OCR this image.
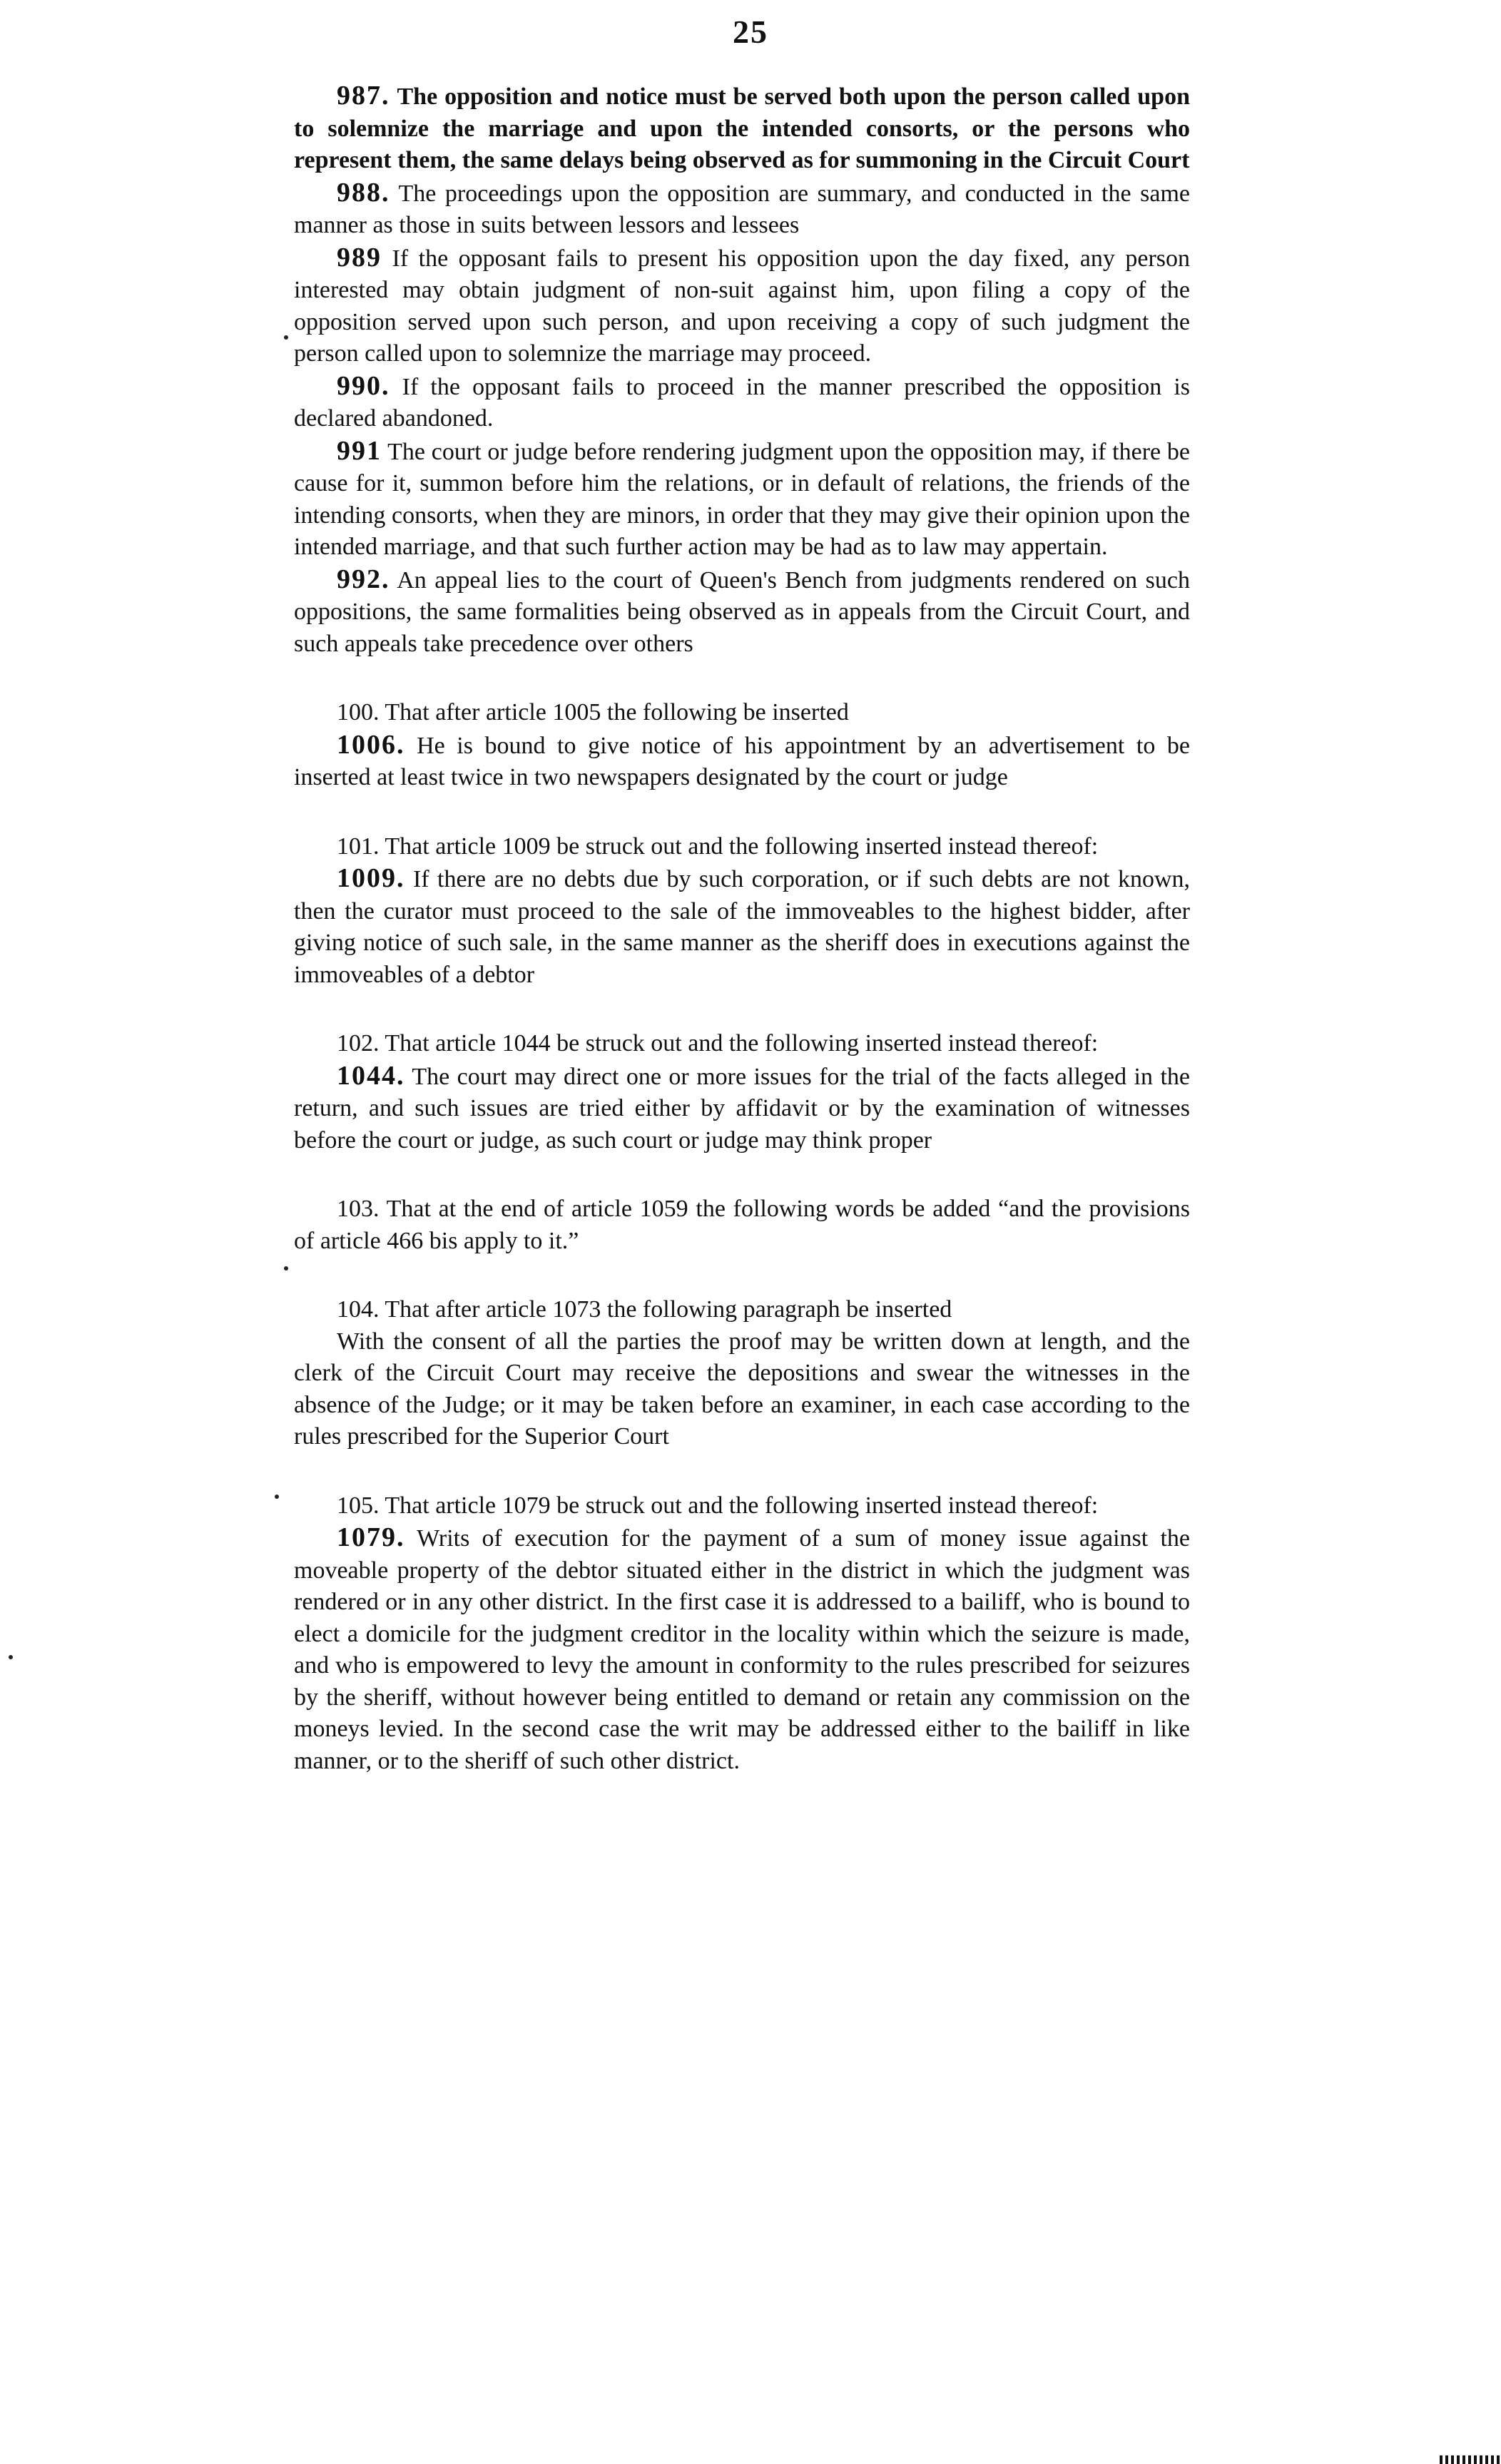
25

987. The opposition and notice must be served both upon the person called upon to solemnize the marriage and upon the intended consorts, or the persons who represent them, the same delays being observed as for summoning in the Circuit Court

988. The proceedings upon the opposition are summary, and conducted in the same manner as those in suits between lessors and lessees

989 If the opposant fails to present his opposition upon the day fixed, any person interested may obtain judgment of non-suit against him, upon filing a copy of the opposition served upon such person, and upon receiving a copy of such judgment the person called upon to solemnize the marriage may proceed.

990. If the opposant fails to proceed in the manner prescribed the opposition is declared abandoned.

991 The court or judge before rendering judgment upon the opposition may, if there be cause for it, summon before him the relations, or in default of relations, the friends of the intending consorts, when they are minors, in order that they may give their opinion upon the intended marriage, and that such further action may be had as to law may appertain.

992. An appeal lies to the court of Queen's Bench from judgments rendered on such oppositions, the same formalities being observed as in appeals from the Circuit Court, and such appeals take precedence over others

100. That after article 1005 the following be inserted

1006. He is bound to give notice of his appointment by an advertisement to be inserted at least twice in two newspapers designated by the court or judge

101. That article 1009 be struck out and the following inserted instead thereof:

1009. If there are no debts due by such corporation, or if such debts are not known, then the curator must proceed to the sale of the immoveables to the highest bidder, after giving notice of such sale, in the same manner as the sheriff does in executions against the immoveables of a debtor

102. That article 1044 be struck out and the following inserted instead thereof:

1044. The court may direct one or more issues for the trial of the facts alleged in the return, and such issues are tried either by affidavit or by the examination of witnesses before the court or judge, as such court or judge may think proper

103. That at the end of article 1059 the following words be added “and the provisions of article 466 bis apply to it.”

104. That after article 1073 the following paragraph be inserted

With the consent of all the parties the proof may be written down at length, and the clerk of the Circuit Court may receive the depositions and swear the witnesses in the absence of the Judge; or it may be taken before an examiner, in each case according to the rules prescribed for the Superior Court

105. That article 1079 be struck out and the following inserted instead thereof:

1079. Writs of execution for the payment of a sum of money issue against the moveable property of the debtor situated either in the district in which the judgment was rendered or in any other district. In the first case it is addressed to a bailiff, who is bound to elect a domicile for the judgment creditor in the locality within which the seizure is made, and who is empowered to levy the amount in conformity to the rules prescribed for seizures by the sheriff, without however being entitled to demand or retain any commission on the moneys levied. In the second case the writ may be addressed either to the bailiff in like manner, or to the sheriff of such other district.
